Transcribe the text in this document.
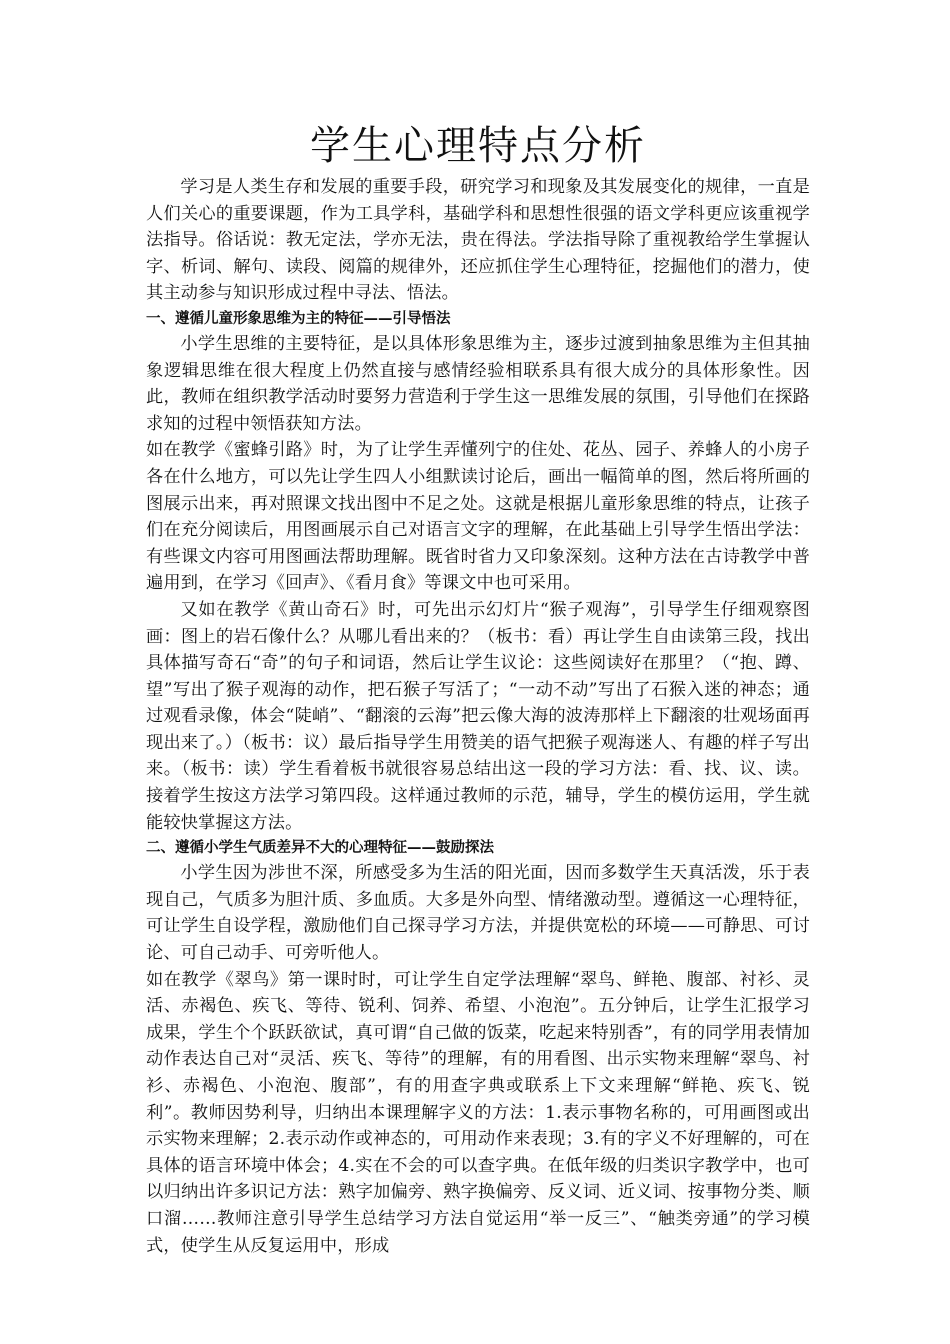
学生心理特点分析

学习是人类生存和发展的重要手段，研究学习和现象及其发展变化的规律，一直是人们关心的重要课题，作为工具学科，基础学科和思想性很强的语文学科更应该重视学法指导。俗话说：教无定法，学亦无法，贵在得法。学法指导除了重视教给学生掌握认字、析词、解句、读段、阅篇的规律外，还应抓住学生心理特征，挖掘他们的潜力，使其主动参与知识形成过程中寻法、悟法。

一、遵循儿童形象思维为主的特征——引导悟法

小学生思维的主要特征，是以具体形象思维为主，逐步过渡到抽象思维为主但其抽象逻辑思维在很大程度上仍然直接与感情经验相联系具有很大成分的具体形象性。因此，教师在组织教学活动时要努力营造利于学生这一思维发展的氛围，引导他们在探路求知的过程中领悟获知方法。

如在教学《蜜蜂引路》时，为了让学生弄懂列宁的住处、花丛、园子、养蜂人的小房子各在什么地方，可以先让学生四人小组默读讨论后，画出一幅简单的图，然后将所画的图展示出来，再对照课文找出图中不足之处。这就是根据儿童形象思维的特点，让孩子们在充分阅读后，用图画展示自己对语言文字的理解，在此基础上引导学生悟出学法：有些课文内容可用图画法帮助理解。既省时省力又印象深刻。这种方法在古诗教学中普遍用到，在学习《回声》、《看月食》等课文中也可采用。

又如在教学《黄山奇石》时，可先出示幻灯片“猴子观海”，引导学生仔细观察图画：图上的岩石像什么？从哪儿看出来的？（板书：看）再让学生自由读第三段，找出具体描写奇石“奇”的句子和词语，然后让学生议论：这些阅读好在那里？（“抱、蹲、望”写出了猴子观海的动作，把石猴子写活了；“一动不动”写出了石猴入迷的神态；通过观看录像，体会“陡峭”、“翻滚的云海”把云像大海的波涛那样上下翻滚的壮观场面再现出来了。）（板书：议）最后指导学生用赞美的语气把猴子观海迷人、有趣的样子写出来。（板书：读）学生看着板书就很容易总结出这一段的学习方法：看、找、议、读。接着学生按这方法学习第四段。这样通过教师的示范，辅导，学生的模仿运用，学生就能较快掌握这方法。

二、遵循小学生气质差异不大的心理特征——鼓励探法

小学生因为涉世不深，所感受多为生活的阳光面，因而多数学生天真活泼，乐于表现自己，气质多为胆汁质、多血质。大多是外向型、情绪激动型。遵循这一心理特征，可让学生自设学程，激励他们自己探寻学习方法，并提供宽松的环境——可静思、可讨论、可自己动手、可旁听他人。

如在教学《翠鸟》第一课时时，可让学生自定学法理解“翠鸟、鲜艳、腹部、衬衫、灵活、赤褐色、疾飞、等待、锐利、饲养、希望、小泡泡”。五分钟后，让学生汇报学习成果，学生个个跃跃欲试，真可谓“自己做的饭菜，吃起来特别香”，有的同学用表情加动作表达自己对“灵活、疾飞、等待”的理解，有的用看图、出示实物来理解“翠鸟、衬衫、赤褐色、小泡泡、腹部”，有的用查字典或联系上下文来理解“鲜艳、疾飞、锐利”。教师因势利导，归纳出本课理解字义的方法：1.表示事物名称的，可用画图或出示实物来理解；2.表示动作或神态的，可用动作来表现；3.有的字义不好理解的，可在具体的语言环境中体会；4.实在不会的可以查字典。在低年级的归类识字教学中，也可以归纳出许多识记方法：熟字加偏旁、熟字换偏旁、反义词、近义词、按事物分类、顺口溜……教师注意引导学生总结学习方法自觉运用“举一反三”、“触类旁通”的学习模式，使学生从反复运用中，形成
